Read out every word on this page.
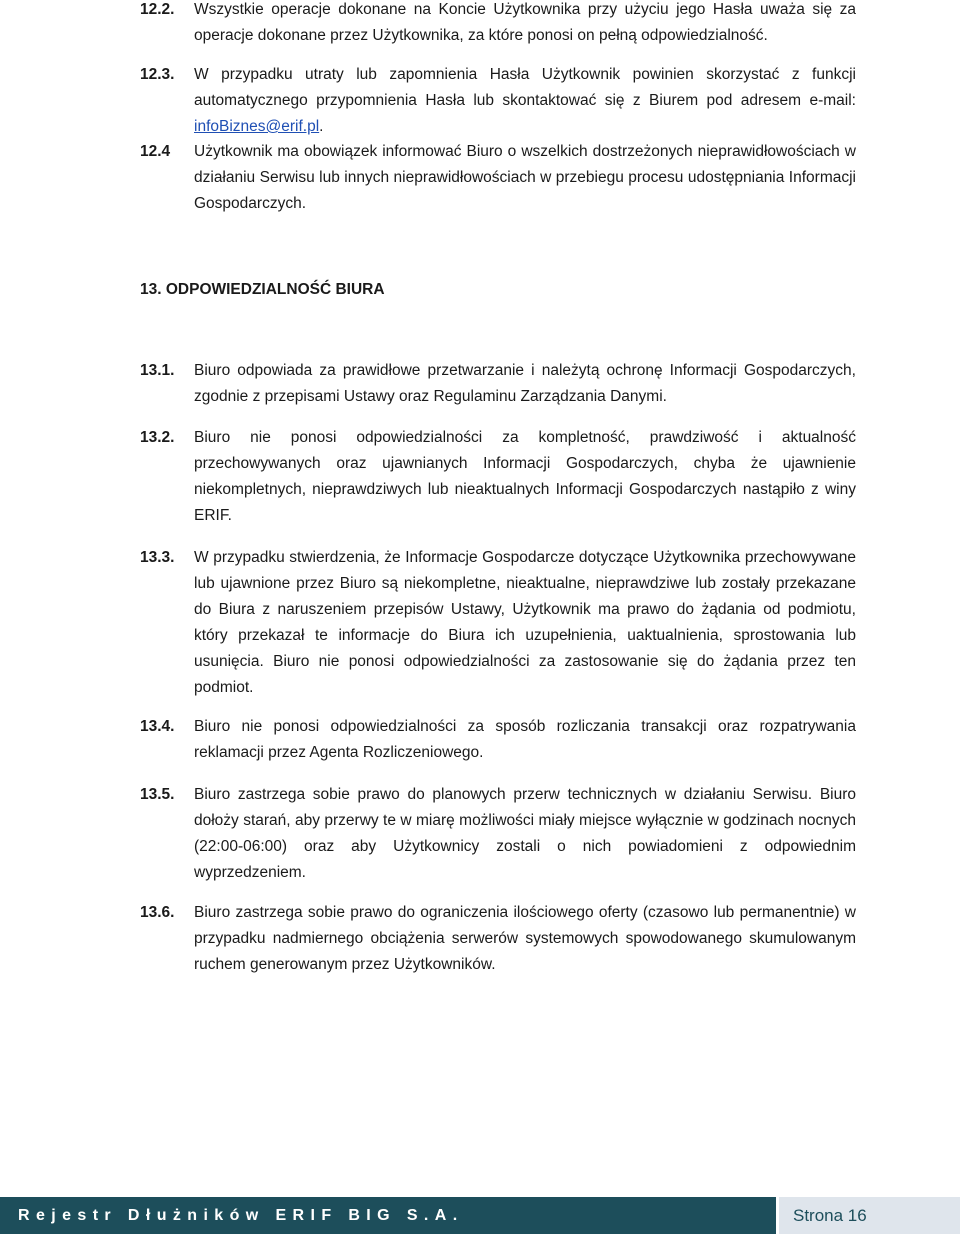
12.2. Wszystkie operacje dokonane na Koncie Użytkownika przy użyciu jego Hasła uważa się za operacje dokonane przez Użytkownika, za które ponosi on pełną odpowiedzialność.
12.3. W przypadku utraty lub zapomnienia Hasła Użytkownik powinien skorzystać z funkcji automatycznego przypomnienia Hasła lub skontaktować się z Biurem pod adresem e-mail: infoBiznes@erif.pl.
12.4 Użytkownik ma obowiązek informować Biuro o wszelkich dostrzeżonych nieprawidłowościach w działaniu Serwisu lub innych nieprawidłowościach w przebiegu procesu udostępniania Informacji Gospodarczych.
13. ODPOWIEDZIALNOŚĆ BIURA
13.1. Biuro odpowiada za prawidłowe przetwarzanie i należytą ochronę Informacji Gospodarczych, zgodnie z przepisami Ustawy oraz Regulaminu Zarządzania Danymi.
13.2. Biuro nie ponosi odpowiedzialności za kompletność, prawdziwość i aktualność przechowywanych oraz ujawnianych Informacji Gospodarczych, chyba że ujawnienie niekompletnych, nieprawdziwych lub nieaktualnych Informacji Gospodarczych nastąpiło z winy ERIF.
13.3. W przypadku stwierdzenia, że Informacje Gospodarcze dotyczące Użytkownika przechowywane lub ujawnione przez Biuro są niekompletne, nieaktualne, nieprawdziwe lub zostały przekazane do Biura z naruszeniem przepisów Ustawy, Użytkownik ma prawo do żądania od podmiotu, który przekazał te informacje do Biura ich uzupełnienia, uaktualnienia, sprostowania lub usunięcia. Biuro nie ponosi odpowiedzialności za zastosowanie się do żądania przez ten podmiot.
13.4. Biuro nie ponosi odpowiedzialności za sposób rozliczania transakcji oraz rozpatrywania reklamacji przez Agenta Rozliczeniowego.
13.5. Biuro zastrzega sobie prawo do planowych przerw technicznych w działaniu Serwisu. Biuro dołoży starań, aby przerwy te w miarę możliwości miały miejsce wyłącznie w godzinach nocnych (22:00-06:00) oraz aby Użytkownicy zostali o nich powiadomieni z odpowiednim wyprzedzeniem.
13.6. Biuro zastrzega sobie prawo do ograniczenia ilościowego oferty (czasowo lub permanentnie) w przypadku nadmiernego obciążenia serwerów systemowych spowodowanego skumulowanym ruchem generowanym przez Użytkowników.
Rejestr Dłużników ERIF BIG S.A.	Strona 16
